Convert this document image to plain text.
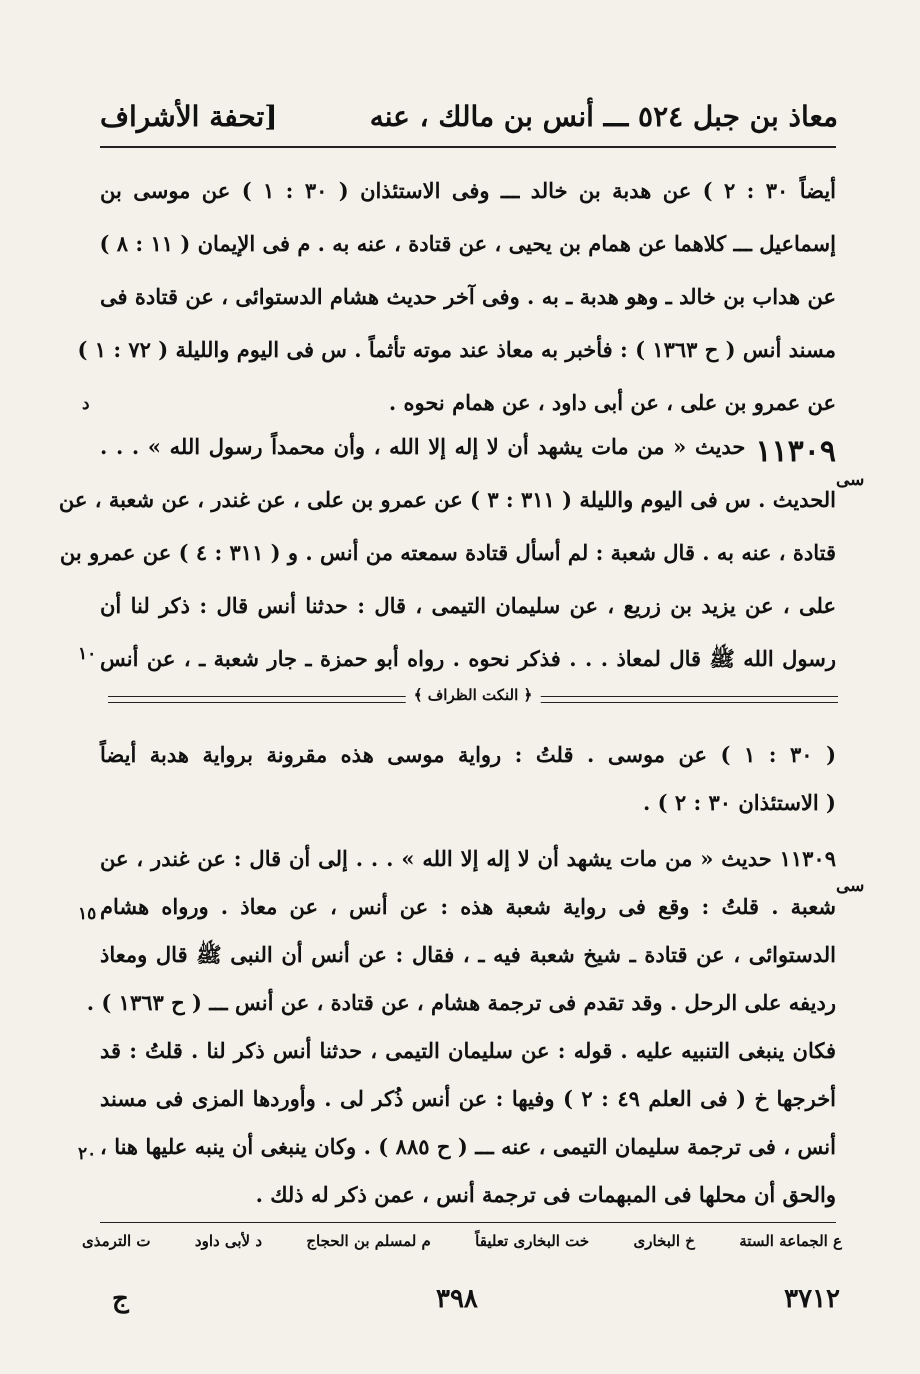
معاذ بن جبل ٥٢٤ ـــ أنس بن مالك ، عنه
[تحفة الأشراف
أيضاً ٣٠ : ٢ ) عن هدبة بن خالد ـــ وفى الاستئذان ( ٣٠ : ١ ) عن موسى بن
إسماعيل ـــ كلاهما عن همام بن يحيى ، عن قتادة ، عنه به . م فى الإيمان ( ١١ : ٨ )
عن هداب بن خالد ـ وهو هدبة ـ به . وفى آخر حديث هشام الدستوائى ، عن قتادة فى
مسند أنس ( ح ١٣٦٣ ) : فأخبر به معاذ عند موته تأثماً . س فى اليوم والليلة ( ٧٢ : ١ )
عن عمرو بن على ، عن أبى داود ، عن همام نحوه .
١١٣٠٩
حديث « من مات يشهد أن لا إله إلا الله ، وأن محمداً رسول الله » . . .
الحديث . س فى اليوم والليلة ( ٣١١ : ٣ ) عن عمرو بن على ، عن غندر ، عن شعبة ، عن
قتادة ، عنه به . قال شعبة : لم أسأل قتادة سمعته من أنس . و ( ٣١١ : ٤ ) عن عمرو بن
على ، عن يزيد بن زريع ، عن سليمان التيمى ، قال : حدثنا أنس قال : ذكر لنا أن
رسول الله ﷺ قال لمعاذ . . . فذكر نحوه . رواه أبو حمزة ـ جار شعبة ـ ، عن أنس
د
سى
١٠
﴿ النكت الظراف ﴾
( ٣٠ : ١ ) عن موسى . قلتُ : رواية موسى هذه مقرونة برواية هدبة أيضاً
( الاستئذان ٣٠ : ٢ ) .
١١٣٠٩ حديث « من مات يشهد أن لا إله إلا الله » . . . إلى أن قال : عن غندر ، عن
شعبة . قلتُ : وقع فى رواية شعبة هذه : عن أنس ، عن معاذ . ورواه هشام
الدستوائى ، عن قتادة ـ شيخ شعبة فيه ـ ، فقال : عن أنس أن النبى ﷺ قال ومعاذ
رديفه على الرحل . وقد تقدم فى ترجمة هشام ، عن قتادة ، عن أنس ـــ ( ح ١٣٦٣ ) .
فكان ينبغى التنبيه عليه . قوله : عن سليمان التيمى ، حدثنا أنس ذكر لنا . قلتُ : قد
أخرجها خ ( فى العلم ٤٩ : ٢ ) وفيها : عن أنس ذُكر لى . وأوردها المزى فى مسند
أنس ، فى ترجمة سليمان التيمى ، عنه ـــ ( ح ٨٨٥ ) . وكان ينبغى أن ينبه عليها هنا ،
والحق أن محلها فى المبهمات فى ترجمة أنس ، عمن ذكر له ذلك .
سى
١٥
٢٠
ع الجماعة الستة
خ البخارى
خت البخارى تعليقاً
م لمسلم بن الحجاج
د لأبى داود
ت الترمذى
٣٧١٢
٣٩٨
ج
